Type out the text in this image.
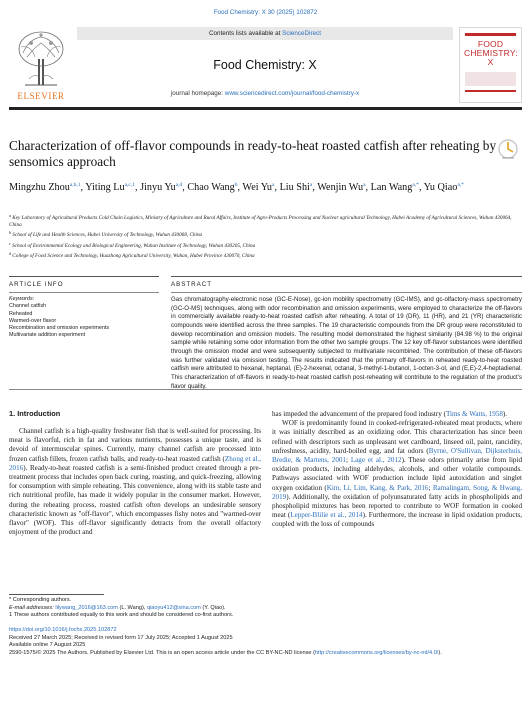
Food Chemistry: X 30 (2025) 102872
ELSEVIER
Contents lists available at ScienceDirect
Food Chemistry: X
journal homepage: www.sciencedirect.com/journal/food-chemistry-x
FOOD
CHEMISTRY: X
Characterization of off-flavor compounds in ready-to-heat roasted catfish after reheating by sensomics approach
Mingzhu Zhou$^{a,b,1}$, Yiting Lu$^{a,c,1}$, Jinyu Yu$^{a,d}$, Chao Wang$^b$, Wei Yu$^a$, Liu Shi$^a$, Wenjin Wu$^a$, Lan Wang$^{a,*}$, Yu Qiao$^{a,*}$
$^a$ Key Laboratory of Agricultural Products Cold Chain Logistics, Ministry of Agriculture and Rural Affairs, Institute of Agro-Products Processing and Nuclear agricultural Technology, Hubei Academy of Agricultural Sciences, Wuhan 430064, China
$^b$ School of Life and Health Sciences, Hubei University of Technology, Wuhan 430068, China
$^c$ School of Environmental Ecology and Biological Engineering, Wuhan Institute of Technology, Wuhan 430205, China
$^d$ College of Food Science and Technology, Huazhong Agricultural University, Wuhan, Hubei Province 430070, China
ARTICLE INFO	ABSTRACT
Keywords:
Channel catfish
Reheated
Warmed-over flavor
Recombination and omission experiments
Multivariate addition experiment
Gas chromatography-electronic nose (GC-E-Nose), gc-ion mobility spectrometry (GC-IMS), and gc-olfactory-mass spectrometry (GC-O-MS) techniques, along with odor recombination and omission experiments, were employed to characterize the off-flavors in commercially available ready-to-heat roasted catfish after reheating. A total of 19 (DR), 11 (HR), and 21 (YR) characteristic compounds were identified across the three samples. The 19 characteristic compounds from the DR group were reconstituted to develop recombination and omission models. The resulting model demonstrated the highest similarity (84.98 %) to the original sample while retaining some odor information from the other two sample groups. The 12 key off-flavor substances were identified through the omission model and were subsequently subjected to multivariate recombined. The contribution of these off-flavors was further validated via omission testing. The results indicated that the primary off-flavors in reheated ready-to-heat roasted catfish were attributed to hexanal, heptanal, (E)-2-hexenal, octanal, 3-methyl-1-butanol, 1-octen-3-ol, and (E,E)-2,4-heptadienal. This characterization of off-flavors in ready-to-heat roasted catfish post-reheating will contribute to the regulation of the product's flavor quality.
1. Introduction

Channel catfish is a high-quality freshwater fish that is well-suited for processing. Its meat is flavorful, rich in fat and various nutrients, possesses a unique taste, and is devoid of intermuscular spines. Currently, many channel catfish are processed into frozen catfish fillets, frozen catfish balls, and ready-to-heat roasted catfish (Zhong et al., 2016). Ready-to-heat roasted catfish is a semi-finished product created through a pre-treatment process that includes open back curing, roasting, and quick-freezing, allowing for consumption with simple reheating. This convenience, along with its stable taste and rich nutritional profile, has made it widely popular in the consumer market. However, during the reheating process, roasted catfish often develops an undesirable sensory characteristic known as "off-flavor", which encompasses fishy notes and "warmed-over flavor" (WOF). This off-flavor significantly detracts from the overall olfactory enjoyment of the product and

has impeded the advancement of the prepared food industry (Tims & Watts, 1958).

WOF is predominantly found in cooked-refrigerated-reheated meat products, where it was initially described as an oxidizing odor. This characterization has since been refined with descriptors such as unpleasant wet cardboard, linseed oil, paint, rancidity, unfreshness, acidity, hard-boiled egg, and fat odors (Byrne, O'Sullivan, Dijksterhuis, Bredie, & Martens, 2001; Lage et al., 2012). These odors primarily arise from lipid oxidation products, including aldehydes, alcohols, and other volatile compounds. Pathways associated with WOF production include lipid autoxidation and singlet oxygen oxidation (Kim, Li, Lim, Kang, & Park, 2016; Ramalingam, Song, & Hwang, 2019). Additionally, the oxidation of polyunsaturated fatty acids in phospholipids and phospholipid mixtures has been reported to contribute to WOF formation in cooked meat (Lepper-Blilie et al., 2014). Furthermore, the increase in lipid oxidation products, coupled with the loss of compounds

* Corresponding authors.
E-mail addresses: lilywang_2016@163.com (L. Wang), qiaoyu412@sina.com (Y. Qiao).
1 These authors contributed equally to this work and should be considered co-first authors.
https://doi.org/10.1016/j.fochx.2025.102872
Received 27 March 2025; Received in revised form 17 July 2025; Accepted 1 August 2025
Available online 7 August 2025
2590-1575/© 2025 The Authors. Published by Elsevier Ltd. This is an open access article under the CC BY-NC-ND license (http://creativecommons.org/licenses/by-nc-nd/4.0/).
